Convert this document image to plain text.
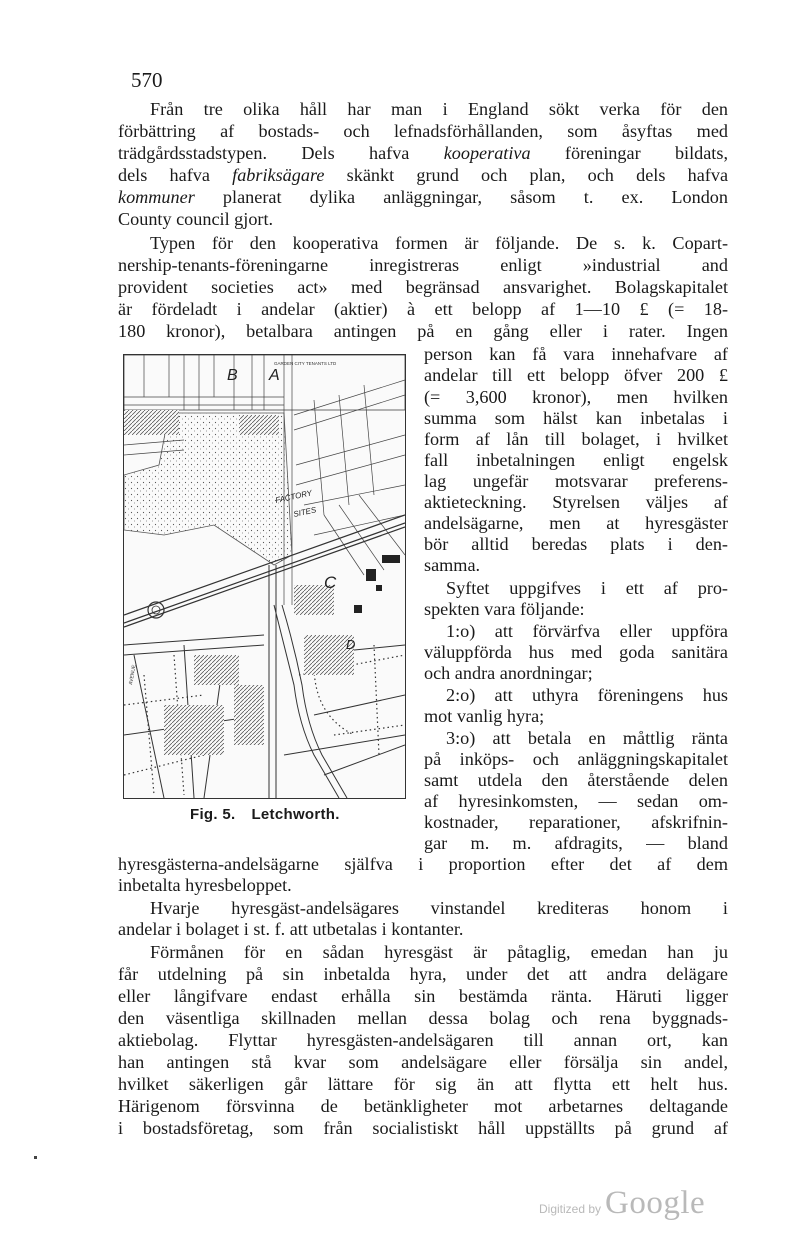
570
Från tre olika håll har man i England sökt verka för den
förbättring af bostads- och lefnadsförhållanden, som åsyftas med
trädgårdsstadstypen. Dels hafva kooperativa föreningar bildats,
dels hafva fabriksägare skänkt grund och plan, och dels hafva
kommuner planerat dylika anläggningar, såsom t. ex. London
County council gjort.
Typen för den kooperativa formen är följande. De s. k. Copart-
nership-tenants-föreningarne inregistreras enligt »industrial and
provident societies act» med begränsad ansvarighet. Bolagskapitalet
är fördeladt i andelar (aktier) à ett belopp af 1—10 £ (= 18-
180 kronor), betalbara antingen på en gång eller i rater. Ingen
person kan få vara innehafvare af
andelar till ett belopp öfver 200 £
(= 3,600 kronor), men hvilken
summa som hälst kan inbetalas i
form af lån till bolaget, i hvilket
fall inbetalningen enligt engelsk
lag ungefär motsvarar preferens-
aktieteckning. Styrelsen väljes af
andelsägarne, men at hyresgäster
bör alltid beredas plats i den-
samma.
Syftet uppgifves i ett af pro-
spekten vara följande:
1:o) att förvärfva eller uppföra
väluppförda hus med goda sanitära
och andra anordningar;
2:o) att uthyra föreningens hus
mot vanlig hyra;
3:o) att betala en måttlig ränta
på inköps- och anläggningskapitalet
samt utdela den återstående delen
af hyresinkomsten, — sedan om-
kostnader, reparationer, afskrifnin-
gar m. m. afdragits, — bland
hyresgästerna-andelsägarne själfva i proportion efter det af dem
inbetalta hyresbeloppet.
Hvarje hyresgäst-andelsägares vinstandel krediteras honom i
andelar i bolaget i st. f. att utbetalas i kontanter.
Förmånen för en sådan hyresgäst är påtaglig, emedan han ju
får utdelning på sin inbetalda hyra, under det att andra delägare
eller långifvare endast erhålla sin bestämda ränta. Häruti ligger
den väsentliga skillnaden mellan dessa bolag och rena byggnads-
aktiebolag. Flyttar hyresgästen-andelsägaren till annan ort, kan
han antingen stå kvar som andelsägare eller försälja sin andel,
hvilket säkerligen går lättare för sig än att flytta ett helt hus.
Härigenom försvinna de betänkligheter mot arbetarnes deltagande
i bostadsföretag, som från socialistiskt håll uppställts på grund af
B A
C
D
GARDEN CITY TENANTS LTD
FACTORY
SITES
AVENUE
Fig. 5. Letchworth.
Digitized by Google
